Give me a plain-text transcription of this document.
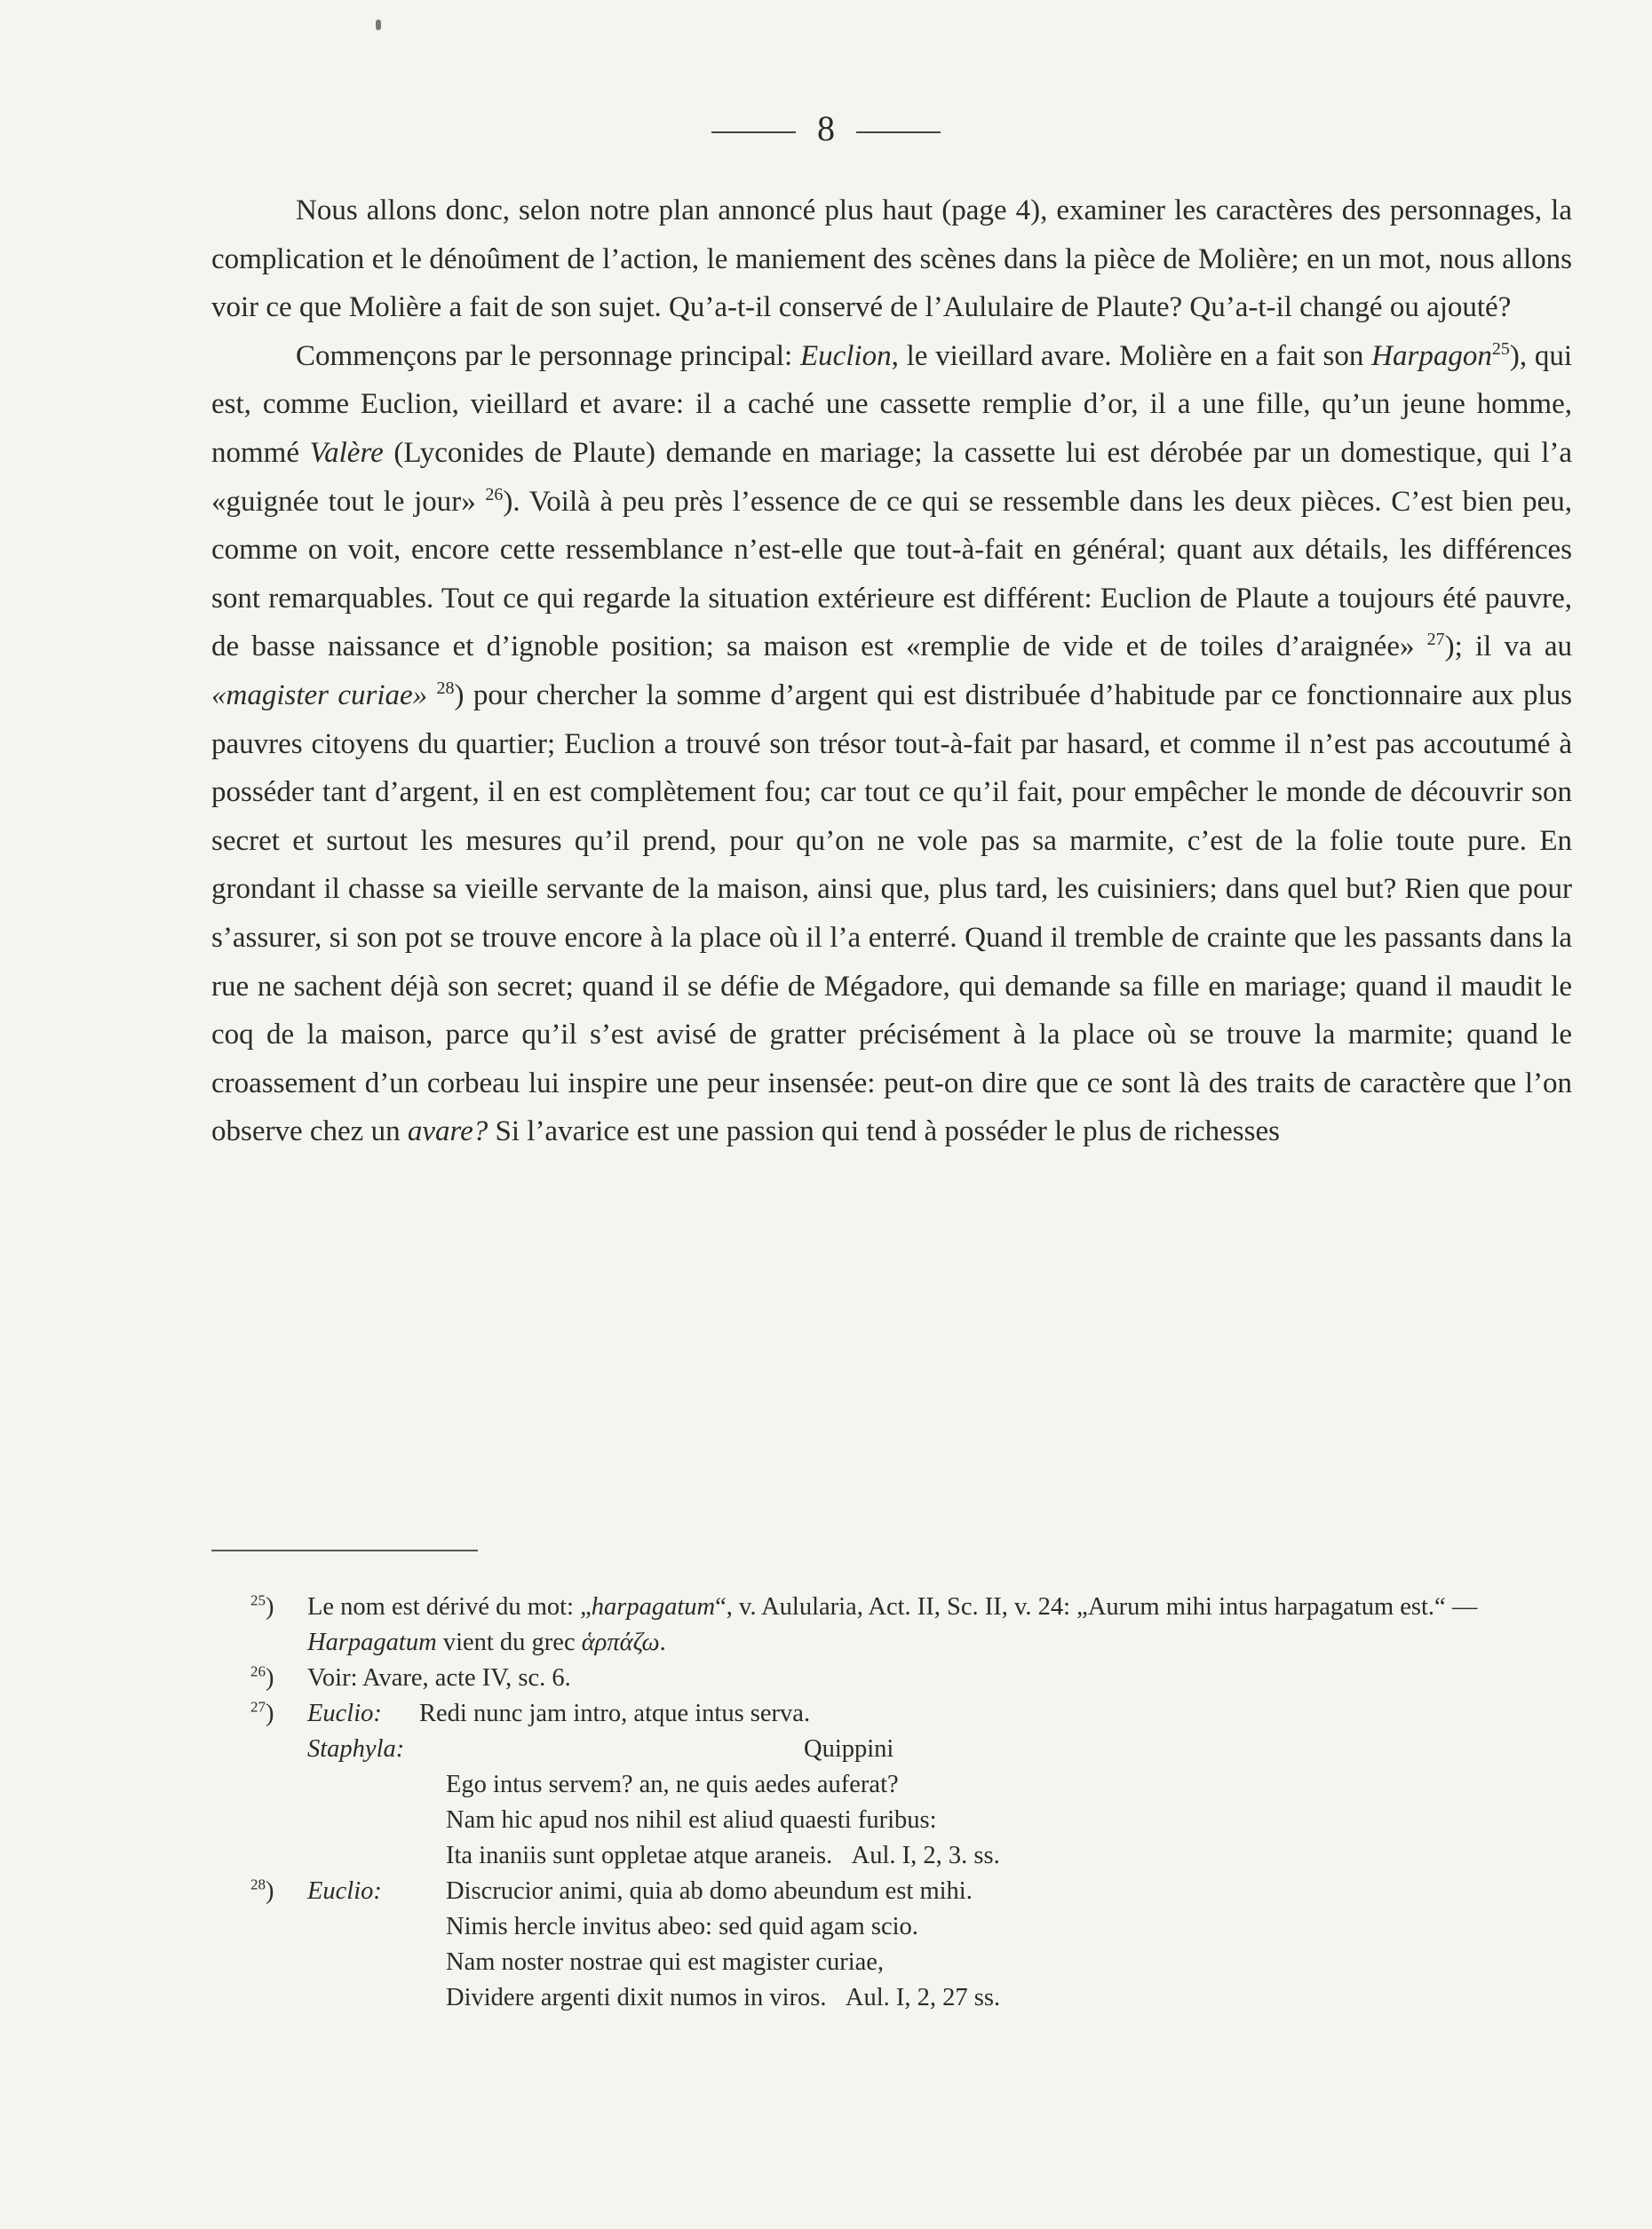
8

Nous allons donc, selon notre plan annoncé plus haut (page 4), examiner les caractères des personnages, la complication et le dénoûment de l’action, le maniement des scènes dans la pièce de Molière; en un mot, nous allons voir ce que Molière a fait de son sujet. Qu’a-t-il conservé de l’Aululaire de Plaute? Qu’a-t-il changé ou ajouté?

Commençons par le personnage principal: Euclion, le vieillard avare. Molière en a fait son Harpagon$^{25}$), qui est, comme Euclion, vieillard et avare: il a caché une cassette remplie d’or, il a une fille, qu’un jeune homme, nommé Valère (Lyconides de Plaute) demande en mariage; la cassette lui est dérobée par un domestique, qui l’a «guignée tout le jour» $^{26}$). Voilà à peu près l’essence de ce qui se ressemble dans les deux pièces. C’est bien peu, comme on voit, encore cette ressemblance n’est-elle que tout-à-fait en général; quant aux détails, les différences sont remarquables. Tout ce qui regarde la situation extérieure est différent: Euclion de Plaute a toujours été pauvre, de basse naissance et d’ignoble position; sa maison est «remplie de vide et de toiles d’araignée» $^{27}$); il va au «magister curiae» $^{28}$) pour chercher la somme d’argent qui est distribuée d’habitude par ce fonctionnaire aux plus pauvres citoyens du quartier; Euclion a trouvé son trésor tout-à-fait par hasard, et comme il n’est pas accoutumé à posséder tant d’argent, il en est complètement fou; car tout ce qu’il fait, pour empêcher le monde de découvrir son secret et surtout les mesures qu’il prend, pour qu’on ne vole pas sa marmite, c’est de la folie toute pure. En grondant il chasse sa vieille servante de la maison, ainsi que, plus tard, les cuisiniers; dans quel but? Rien que pour s’assurer, si son pot se trouve encore à la place où il l’a enterré. Quand il tremble de crainte que les passants dans la rue ne sachent déjà son secret; quand il se défie de Mégadore, qui demande sa fille en mariage; quand il maudit le coq de la maison, parce qu’il s’est avisé de gratter précisément à la place où se trouve la marmite; quand le croassement d’un corbeau lui inspire une peur insensée: peut-on dire que ce sont là des traits de caractère que l’on observe chez un avare? Si l’avarice est une passion qui tend à posséder le plus de richesses

$^{25}$) Le nom est dérivé du mot: „harpagatum“, v. Aulularia, Act. II, Sc. II, v. 24: „Aurum mihi intus harpagatum est.“ — Harpagatum vient du grec ἁρπάζω.
$^{26}$) Voir: Avare, acte IV, sc. 6.
$^{27}$) Euclio: Redi nunc jam intro, atque intus serva.
Staphyla:	Quippini
Ego intus servem? an, ne quis aedes auferat?
Nam hic apud nos nihil est aliud quaesti furibus:
Ita inaniis sunt oppletae atque araneis. Aul. I, 2, 3. ss.
$^{28}$) Euclio:	Discrucior animi, quia ab domo abeundum est mihi.
Nimis hercle invitus abeo: sed quid agam scio.
Nam noster nostrae qui est magister curiae,
Dividere argenti dixit numos in viros. Aul. I, 2, 27 ss.
